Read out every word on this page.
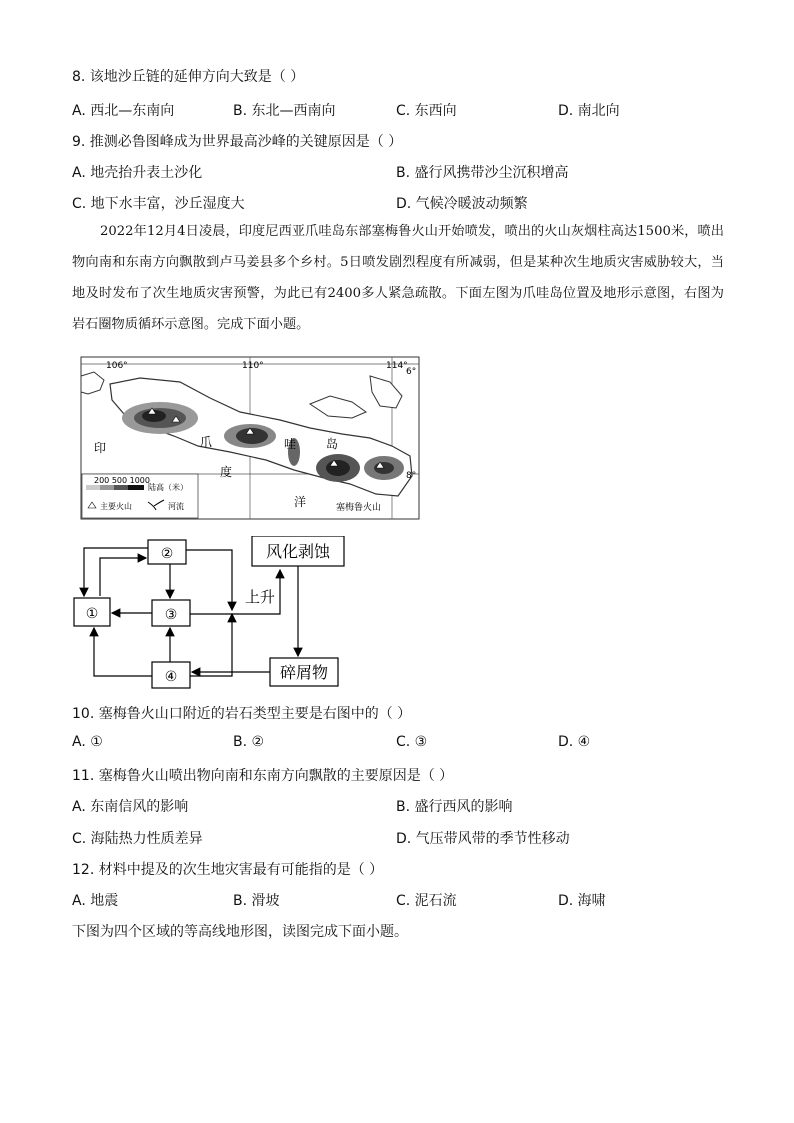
8. 该地沙丘链的延伸方向大致是（ ）
A. 西北—东南向	B. 东北—西南向	C. 东西向	D. 南北向
9. 推测必鲁图峰成为世界最高沙峰的关键原因是（ ）
A. 地壳抬升表土沙化	B. 盛行风携带沙尘沉积增高
C. 地下水丰富，沙丘湿度大	D. 气候冷暖波动频繁

2022年12月4日凌晨，印度尼西亚爪哇岛东部塞梅鲁火山开始喷发，喷出的火山灰烟柱高达1500米，喷出物向南和东南方向飘散到卢马姜县多个乡村。5日喷发剧烈程度有所减弱，但是某种次生地质灾害威胁较大，当地及时发布了次生地质灾害预警，为此已有2400多人紧急疏散。下面左图为爪哇岛位置及地形示意图，右图为岩石圈物质循环示意图。完成下面小题。

106°	110°	114°
6°
8°
印
度
洋
爪	哇 岛
塞梅鲁火山
200 500 1000
陆高（米）
主要火山	河流
②
①	③
④
风化剥蚀
碎屑物
上升
10. 塞梅鲁火山口附近的岩石类型主要是右图中的（ ）
A. ①	B. ②	C. ③	D. ④
11. 塞梅鲁火山喷出物向南和东南方向飘散的主要原因是（ ）
A. 东南信风的影响	B. 盛行西风的影响
C. 海陆热力性质差异	D. 气压带风带的季节性移动
12. 材料中提及的次生地灾害最有可能指的是（ ）
A. 地震	B. 滑坡	C. 泥石流	D. 海啸
下图为四个区域的等高线地形图，读图完成下面小题。
